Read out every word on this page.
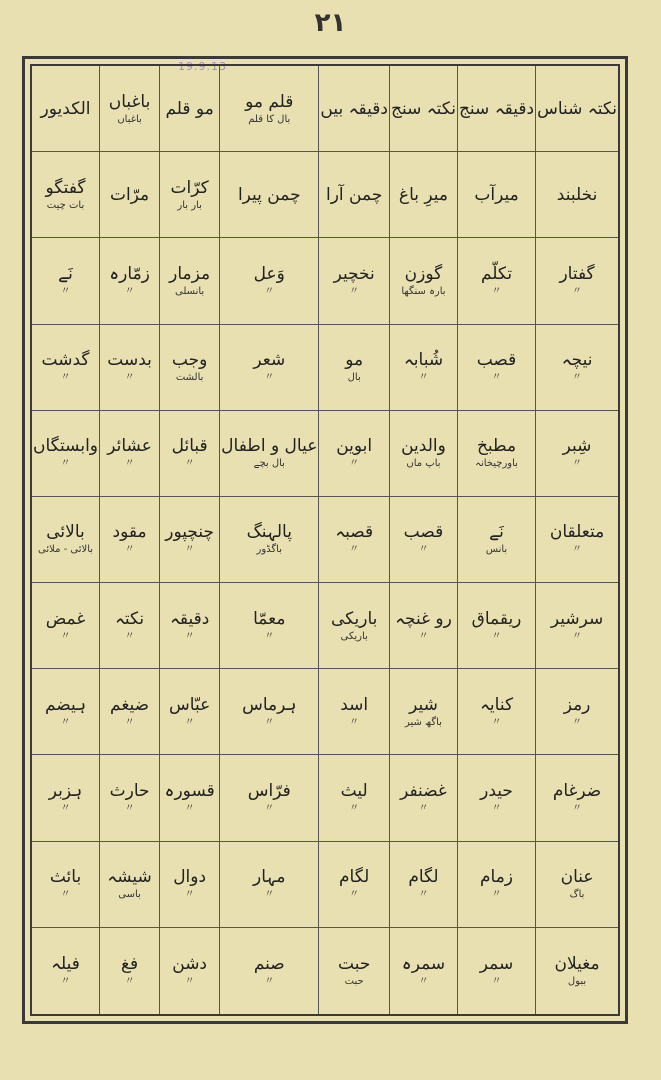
۲۱
19.9.13
نکتہ شناس
دقیقہ سنج
نکتہ سنج
دقیقہ بیں
قلم مو
بال کا قلم
مو قلم
باغباں
باغباں
الکدیور
نخلبند
میرآب
میرِ باغ
چمن آرا
چمن پیرا
کرّات
بار بار
مرّات
گفتگو
بات چیت
گفتار
〃
تکلّم
〃
گوزن
بارہ سنگھا
نخچیر
〃
وَعل
〃
مزمار
بانسلی
زمّارہ
〃
نَے
〃
نیچہ
〃
قصب
〃
شُبابہ
〃
مو
بال
شعر
〃
وجب
بالشت
بدست
〃
گدشت
〃
شِبر
〃
مطبخ
باورچیخانہ
والدین
باپ ماں
ابوین
〃
عیال و اطفال
بال بچے
قبائل
〃
عشائر
〃
وابستگاں
〃
متعلقان
〃
نَے
بانس
قصب
〃
قصبہ
〃
پالہنگ
باگڈور
چنچپور
〃
مقود
〃
بالائی
بالائی - ملائی
سرشیر
〃
ریقماق
〃
رو غنچہ
〃
باریکی
باریکی
معمّا
〃
دقیقہ
〃
نکتہ
〃
غمض
〃
رمز
〃
کنایہ
〃
شیر
باگھ شیر
اسد
〃
ہرماس
〃
عبّاس
〃
ضیغم
〃
ہیضم
〃
ضرغام
〃
حیدر
〃
غضنفر
〃
لیث
〃
فرّاس
〃
قسورہ
〃
حارث
〃
ہزبر
〃
عنان
باگ
زمام
〃
لگام
〃
لگام
〃
مہار
〃
دوال
〃
شیشہ
باسی
بائث
〃
مغیلان
ببول
سمر
〃
سمرہ
〃
حبت
حبت
صنم
〃
دشن
〃
فغ
〃
فیلہ
〃
